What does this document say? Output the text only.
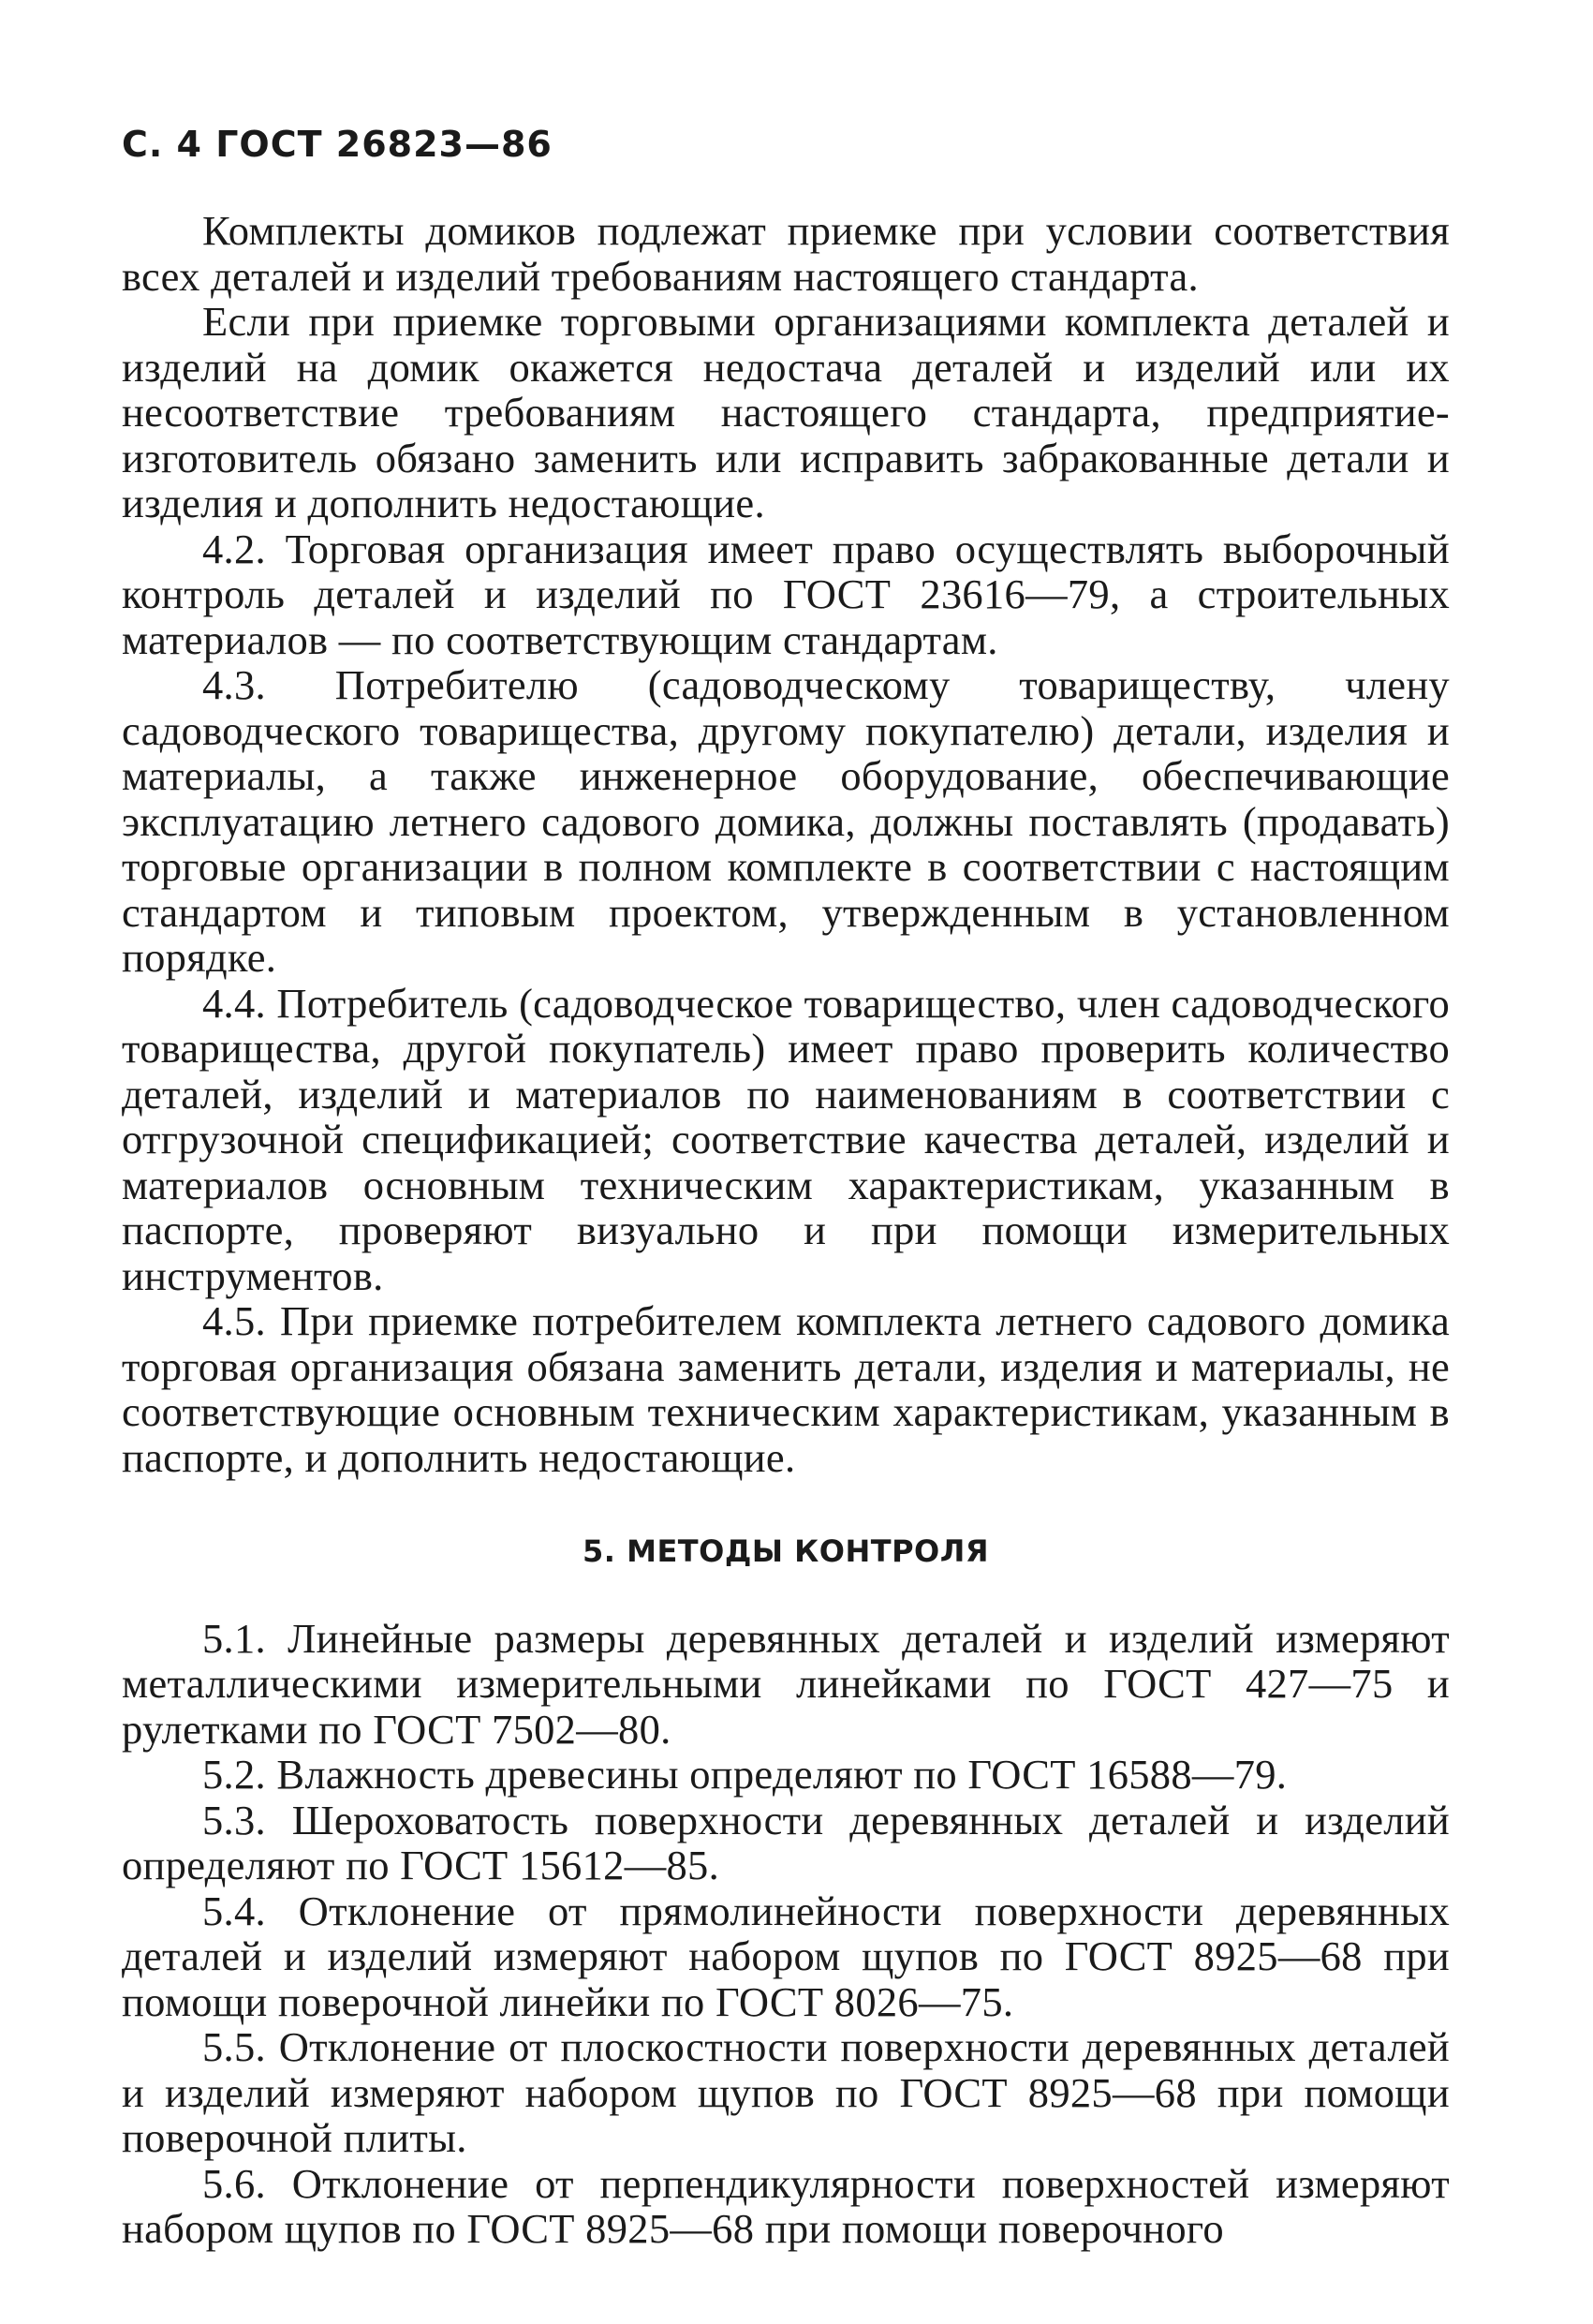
С. 4 ГОСТ 26823—86

Комплекты домиков подлежат приемке при условии соответствия всех деталей и изделий требованиям настоящего стандарта.

Если при приемке торговыми организациями комплекта деталей и изделий на домик окажется недостача деталей и изделий или их несоответствие требованиям настоящего стандарта, предприятие-изготовитель обязано заменить или исправить забракованные детали и изделия и дополнить недостающие.

4.2. Торговая организация имеет право осуществлять выборочный контроль деталей и изделий по ГОСТ 23616—79, а строительных материалов — по соответствующим стандартам.

4.3. Потребителю (садоводческому товариществу, члену садоводческого товарищества, другому покупателю) детали, изделия и материалы, а также инженерное оборудование, обеспечивающие эксплуатацию летнего садового домика, должны поставлять (продавать) торговые организации в полном комплекте в соответствии с настоящим стандартом и типовым проектом, утвержденным в установленном порядке.

4.4. Потребитель (садоводческое товарищество, член садоводческого товарищества, другой покупатель) имеет право проверить количество деталей, изделий и материалов по наименованиям в соответствии с отгрузочной спецификацией; соответствие качества деталей, изделий и материалов основным техническим характеристикам, указанным в паспорте, проверяют визуально и при помощи измерительных инструментов.

4.5. При приемке потребителем комплекта летнего садового домика торговая организация обязана заменить детали, изделия и материалы, не соответствующие основным техническим характеристикам, указанным в паспорте, и дополнить недостающие.

5. МЕТОДЫ КОНТРОЛЯ

5.1. Линейные размеры деревянных деталей и изделий измеряют металлическими измерительными линейками по ГОСТ 427—75 и рулетками по ГОСТ 7502—80.

5.2. Влажность древесины определяют по ГОСТ 16588—79.

5.3. Шероховатость поверхности деревянных деталей и изделий определяют по ГОСТ 15612—85.

5.4. Отклонение от прямолинейности поверхности деревянных деталей и изделий измеряют набором щупов по ГОСТ 8925—68 при помощи поверочной линейки по ГОСТ 8026—75.

5.5. Отклонение от плоскостности поверхности деревянных деталей и изделий измеряют набором щупов по ГОСТ 8925—68 при помощи поверочной плиты.

5.6. Отклонение от перпендикулярности поверхностей измеряют набором щупов по ГОСТ 8925—68 при помощи поверочного
